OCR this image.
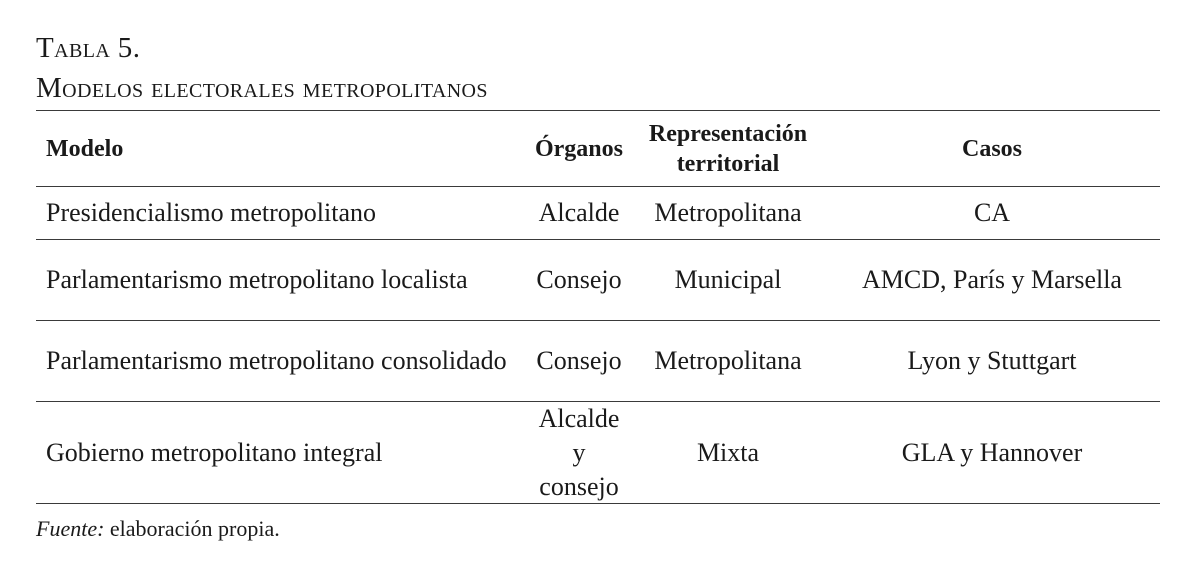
Tabla 5.
Modelos electorales metropolitanos
Modelo	Órganos	Representación territorial	Casos
Presidencialismo metropolitano	Alcalde	Metropolitana	CA
Parlamentarismo metropolitano localista	Consejo	Municipal	AMCD, París y Marsella
Parlamentarismo metropolitano consolidado	Consejo	Metropolitana	Lyon y Stuttgart
Gobierno metropolitano integral	Alcalde y consejo	Mixta	GLA y Hannover
Fuente: elaboración propia.
